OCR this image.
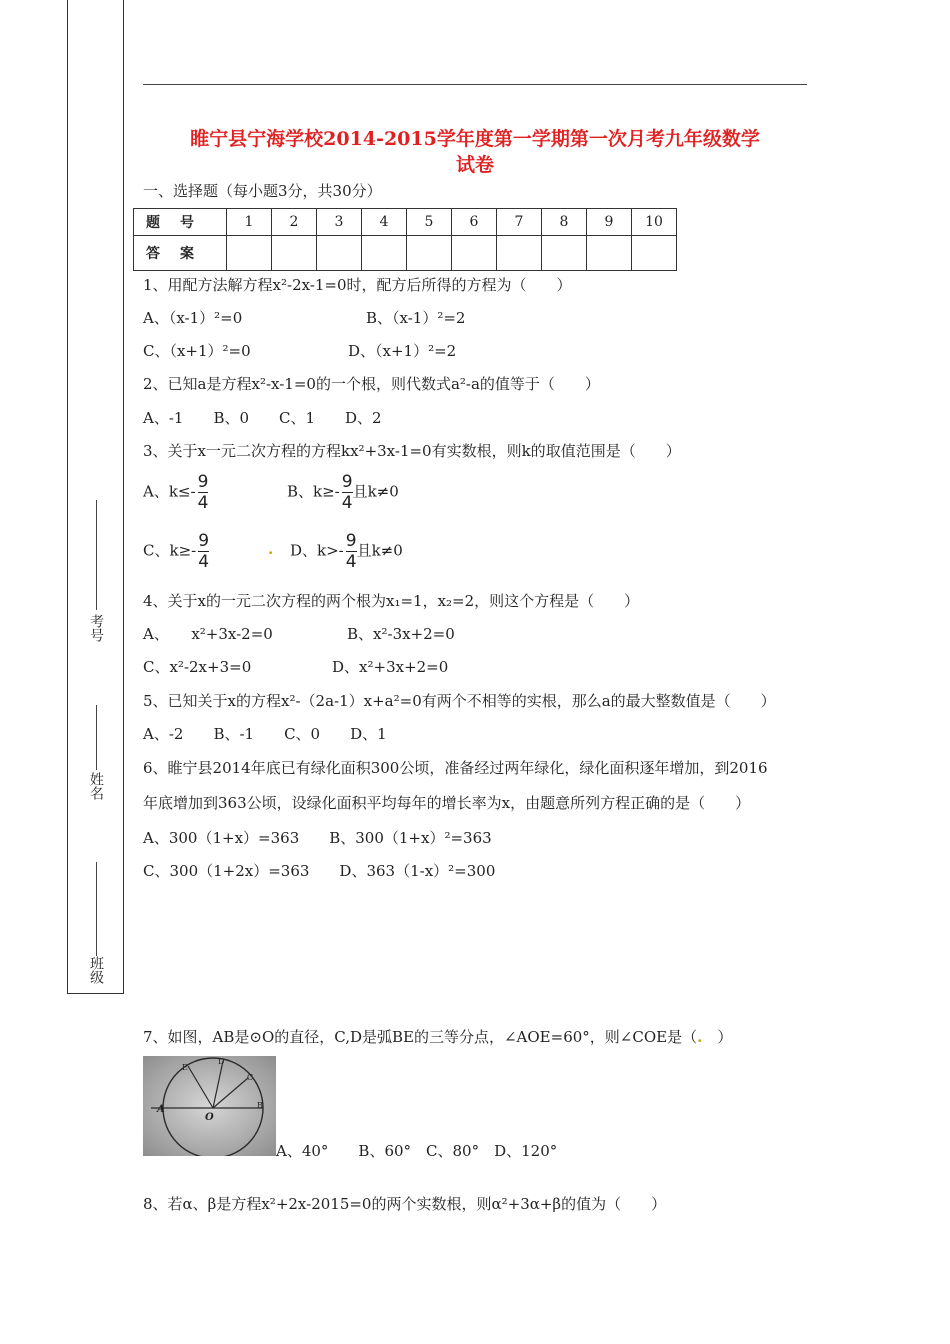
考号
姓名
班级
睢宁县宁海学校2014-2015学年度第一学期第一次月考九年级数学
试卷
一、选择题（每小题3分，共30分）
题号	1	2	3	4	5	6	7	8	9	10
答案										
1、用配方法解方程x²-2x-1=0时，配方后所得的方程为（　　）
A、（x-1）²=0	B、（x-1）²=2
C、（x+1）²=0	D、（x+1）²=2
2、已知a是方程x²-x-1=0的一个根，则代数式a²-a的值等于（　　）
A、-1　　B、0　　C、1　　D、2
3、关于x一元二次方程的方程kx²+3x-1=0有实数根，则k的取值范围是（　　）
A、$k\le- \frac{9}{4}$	B、$k\ge- \frac{9}{4}$ 且k≠0
C、$k\ge- \frac{9}{4}$	. D、$k>- \frac{9}{4}$ 且k≠0
4、关于x的一元二次方程的两个根为x₁=1，x₂=2，则这个方程是（　　）
A、　　x²+3x-2=0	B、x²-3x+2=0
C、x²-2x+3=0	D、x²+3x+2=0
5、已知关于x的方程x²-（2a-1）x+a²=0有两个不相等的实根，那么a的最大整数值是（　　）
A、-2　　B、-1　　C、0　　D、1
6、睢宁县2014年底已有绿化面积300公顷，准备经过两年绿化，绿化面积逐年增加，到2016
年底增加到363公顷，设绿化面积平均每年的增长率为x，由题意所列方程正确的是（　　）
A、300（1+x）=363　　B、300（1+x）²=363
C、300（1+2x）=363　　D、363（1-x）²=300
7、如图，AB是⊙O的直径，C,D是弧BE的三等分点，∠AOE=60°，则∠COE是（.　）
A	B
C
D
E
O
A、40°　　B、60°　C、80°　D、120°
8、若α、β是方程x²+2x-2015=0的两个实数根，则α²+3α+β的值为（　　）
